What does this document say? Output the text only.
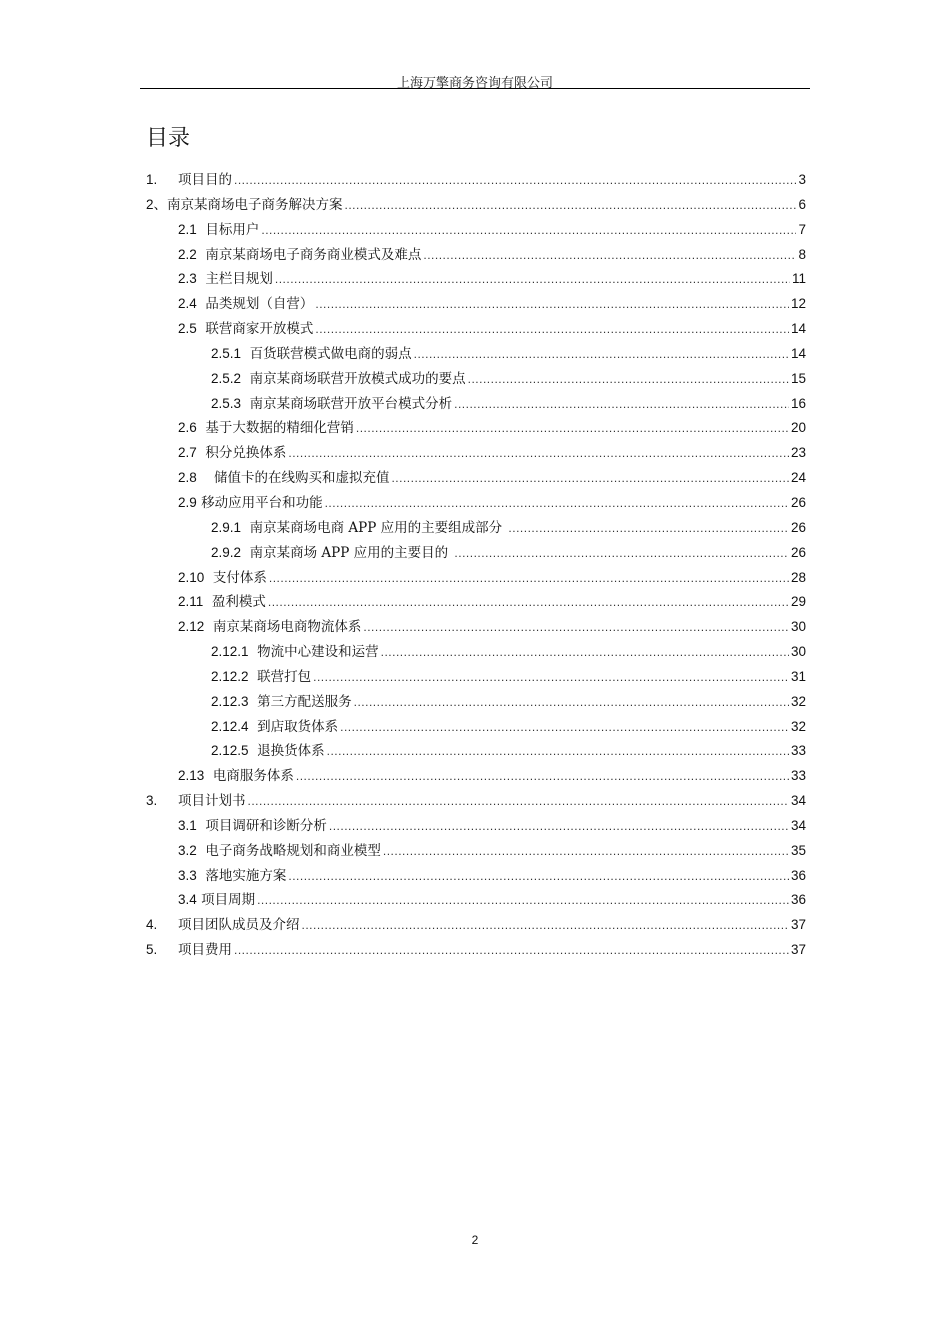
上海万擎商务咨询有限公司
目录
1.	项目目的 .....	3
2、 南京某商场电子商务解决方案 .....	6
2.1 目标用户 .....	7
2.2 南京某商场电子商务商业模式及难点 .....	8
2.3 主栏目规划 .....	11
2.4 品类规划（自营） .....	12
2.5 联营商家开放模式 .....	14
2.5.1 百货联营模式做电商的弱点 .....	14
2.5.2 南京某商场联营开放模式成功的要点 .....	15
2.5.3 南京某商场联营开放平台模式分析 .....	16
2.6 基于大数据的精细化营销 .....	20
2.7 积分兑换体系 .....	23
2.8 储值卡的在线购买和虚拟充值 .....	24
2.9 移动应用平台和功能 .....	26
2.9.1 南京某商场电商 APP 应用的主要组成部分 .....	26
2.9.2 南京某商场 APP 应用的主要目的 .....	26
2.10 支付体系 .....	28
2.11 盈利模式 .....	29
2.12 南京某商场电商物流体系 .....	30
2.12.1 物流中心建设和运营 .....	30
2.12.2 联营打包 .....	31
2.12.3 第三方配送服务 .....	32
2.12.4 到店取货体系 .....	32
2.12.5 退换货体系 .....	33
2.13 电商服务体系 .....	33
3.	项目计划书 .....	34
3.1 项目调研和诊断分析 .....	34
3.2 电子商务战略规划和商业模型 .....	35
3.3 落地实施方案 .....	36
3.4 项目周期 .....	36
4.	项目团队成员及介绍 .....	37
5.	项目费用 .....	37
2
